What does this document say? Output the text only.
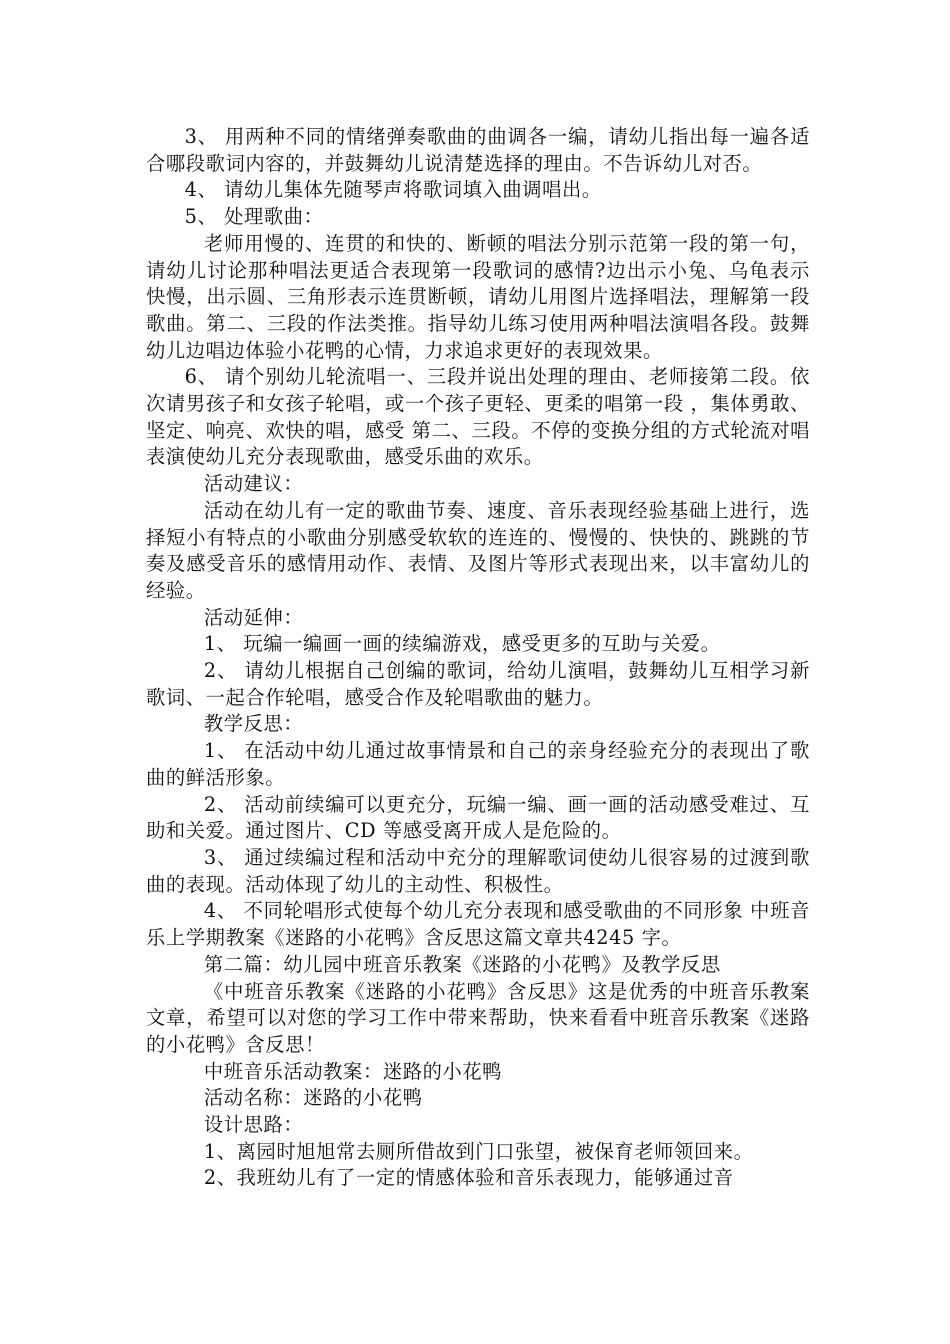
3、 用两种不同的情绪弹奏歌曲的曲调各一编，请幼儿指出每一遍各适合哪段歌词内容的，并鼓舞幼儿说清楚选择的理由。不告诉幼儿对否。

4、 请幼儿集体先随琴声将歌词填入曲调唱出。

5、 处理歌曲：

老师用慢的、连贯的和快的、断顿的唱法分别示范第一段的第一句，请幼儿讨论那种唱法更适合表现第一段歌词的感情?边出示小兔、乌龟表示快慢，出示圆、三角形表示连贯断顿，请幼儿用图片选择唱法，理解第一段歌曲。第二、三段的作法类推。指导幼儿练习使用两种唱法演唱各段。鼓舞幼儿边唱边体验小花鸭的心情，力求追求更好的表现效果。

6、 请个别幼儿轮流唱一、三段并说出处理的理由、老师接第二段。依次请男孩子和女孩子轮唱，或一个孩子更轻、更柔的唱第一段 ，集体勇敢、坚定、响亮、欢快的唱，感受 第二、三段。不停的变换分组的方式轮流对唱表演使幼儿充分表现歌曲，感受乐曲的欢乐。

活动建议：

活动在幼儿有一定的歌曲节奏、速度、音乐表现经验基础上进行，选择短小有特点的小歌曲分别感受软软的连连的、慢慢的、快快的、跳跳的节奏及感受音乐的感情用动作、表情、及图片等形式表现出来，以丰富幼儿的经验。

活动延伸：

1、 玩编一编画一画的续编游戏，感受更多的互助与关爱。

2、 请幼儿根据自己创编的歌词，给幼儿演唱，鼓舞幼儿互相学习新歌词、一起合作轮唱，感受合作及轮唱歌曲的魅力。

教学反思：

1、 在活动中幼儿通过故事情景和自己的亲身经验充分的表现出了歌曲的鲜活形象。

2、 活动前续编可以更充分，玩编一编、画一画的活动感受难过、互助和关爱。通过图片、CD 等感受离开成人是危险的。

3、 通过续编过程和活动中充分的理解歌词使幼儿很容易的过渡到歌曲的表现。活动体现了幼儿的主动性、积极性。

4、 不同轮唱形式使每个幼儿充分表现和感受歌曲的不同形象 中班音乐上学期教案《迷路的小花鸭》含反思这篇文章共4245 字。

第二篇：幼儿园中班音乐教案《迷路的小花鸭》及教学反思

《中班音乐教案《迷路的小花鸭》含反思》这是优秀的中班音乐教案文章，希望可以对您的学习工作中带来帮助，快来看看中班音乐教案《迷路的小花鸭》含反思！

中班音乐活动教案：迷路的小花鸭

活动名称：迷路的小花鸭

设计思路：

1、离园时旭旭常去厕所借故到门口张望，被保育老师领回来。

2、我班幼儿有了一定的情感体验和音乐表现力，能够通过音
